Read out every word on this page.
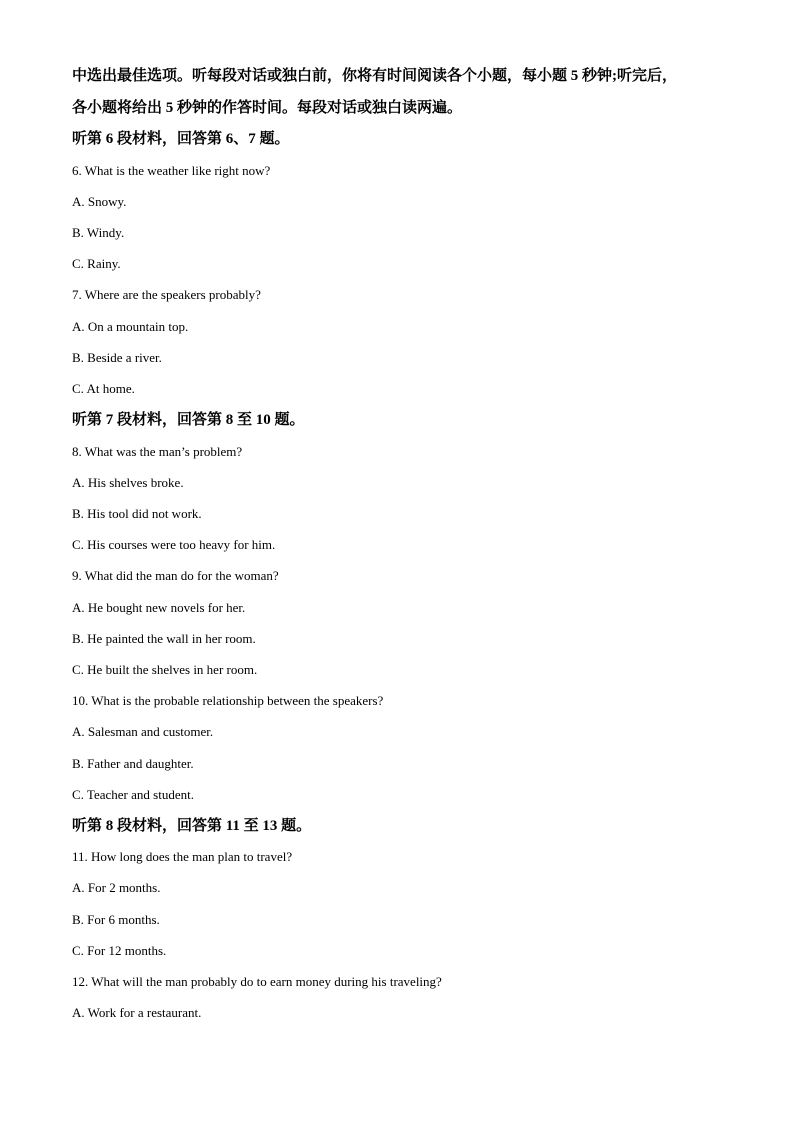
中选出最佳选项。听每段对话或独白前，你将有时间阅读各个小题，每小题 5 秒钟;听完后，
各小题将给出 5 秒钟的作答时间。每段对话或独白读两遍。
听第 6 段材料，回答第 6、7 题。
6. What is the weather like right now?
A. Snowy.
B. Windy.
C. Rainy.
7. Where are the speakers probably?
A. On a mountain top.
B. Beside a river.
C. At home.
听第 7 段材料，回答第 8 至 10 题。
8. What was the man’s problem?
A. His shelves broke.
B. His tool did not work.
C. His courses were too heavy for him.
9. What did the man do for the woman?
A. He bought new novels for her.
B. He painted the wall in her room.
C. He built the shelves in her room.
10. What is the probable relationship between the speakers?
A. Salesman and customer.
B. Father and daughter.
C. Teacher and student.
听第 8 段材料，回答第 11 至 13 题。
11. How long does the man plan to travel?
A. For 2 months.
B. For 6 months.
C. For 12 months.
12. What will the man probably do to earn money during his traveling?
A. Work for a restaurant.
